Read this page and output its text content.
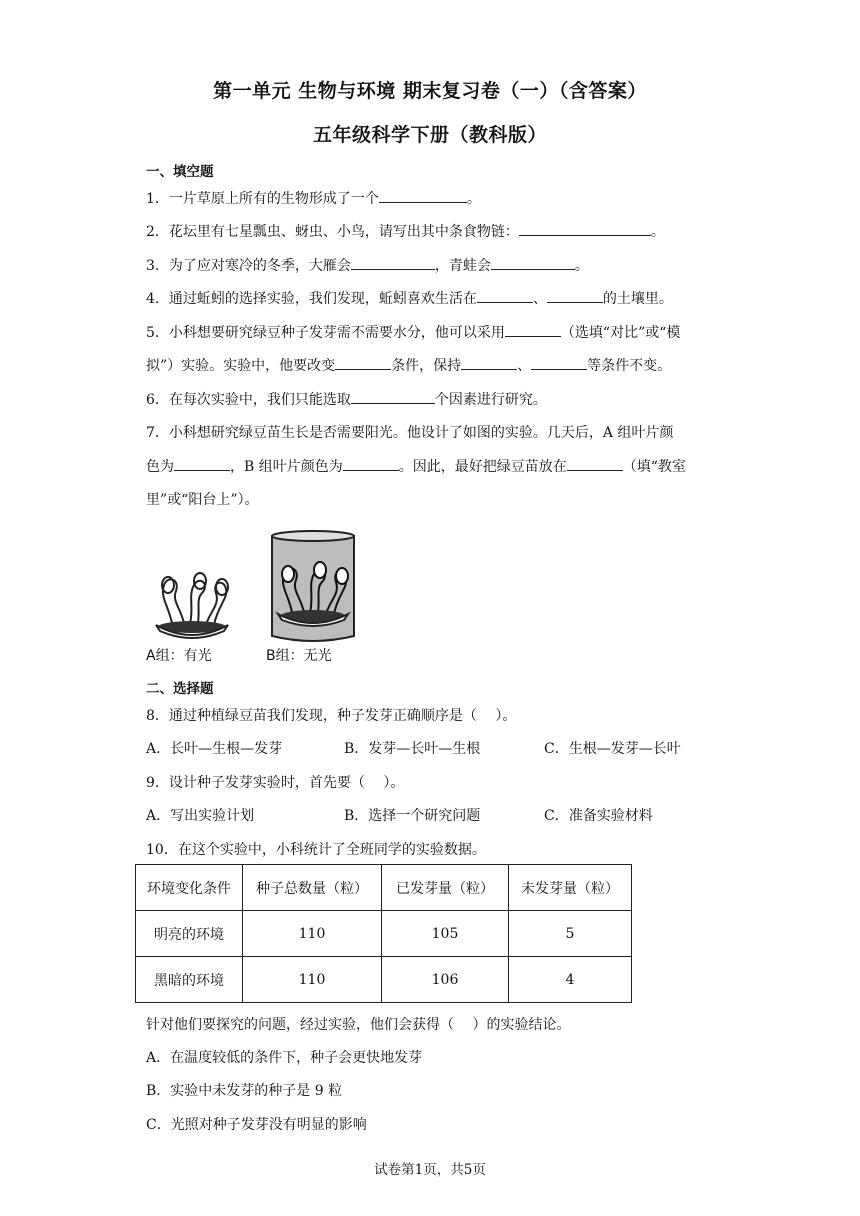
第一单元 生物与环境 期末复习卷（一）（含答案）
五年级科学下册（教科版）
一、填空题
1．一片草原上所有的生物形成了一个	。
2．花坛里有七星瓢虫、蚜虫、小鸟，请写出其中条食物链：	。
3．为了应对寒冷的冬季，大雁会	，青蛙会	。
4．通过蚯蚓的选择实验，我们发现，蚯蚓喜欢生活在	、	的土壤里。
5．小科想要研究绿豆种子发芽需不需要水分，他可以采用	（选填“对比”或“模
拟”）实验。实验中，他要改变	条件，保持	、	等条件不变。
6．在每次实验中，我们只能选取	个因素进行研究。
7．小科想研究绿豆苗生长是否需要阳光。他设计了如图的实验。几天后，A 组叶片颜
色为	，B 组叶片颜色为	。因此，最好把绿豆苗放在	（填“教室
里”或“阳台上”）。
A组：有光	B组：无光
二、选择题
8．通过种植绿豆苗我们发现，种子发芽正确顺序是（　 ）。
A．长叶—生根—发芽	B．发芽—长叶—生根	C．生根—发芽—长叶
9．设计种子发芽实验时，首先要（　 ）。
A．写出实验计划	B．选择一个研究问题	C．准备实验材料
10．在这个实验中，小科统计了全班同学的实验数据。
环境变化条件	种子总数量（粒）	已发芽量（粒）	未发芽量（粒）
明亮的环境	110	105	5
黑暗的环境	110	106	4
针对他们要探究的问题，经过实验，他们会获得（　 ）的实验结论。
A．在温度较低的条件下，种子会更快地发芽
B．实验中未发芽的种子是 9 粒
C．光照对种子发芽没有明显的影响
试卷第1页，共5页
